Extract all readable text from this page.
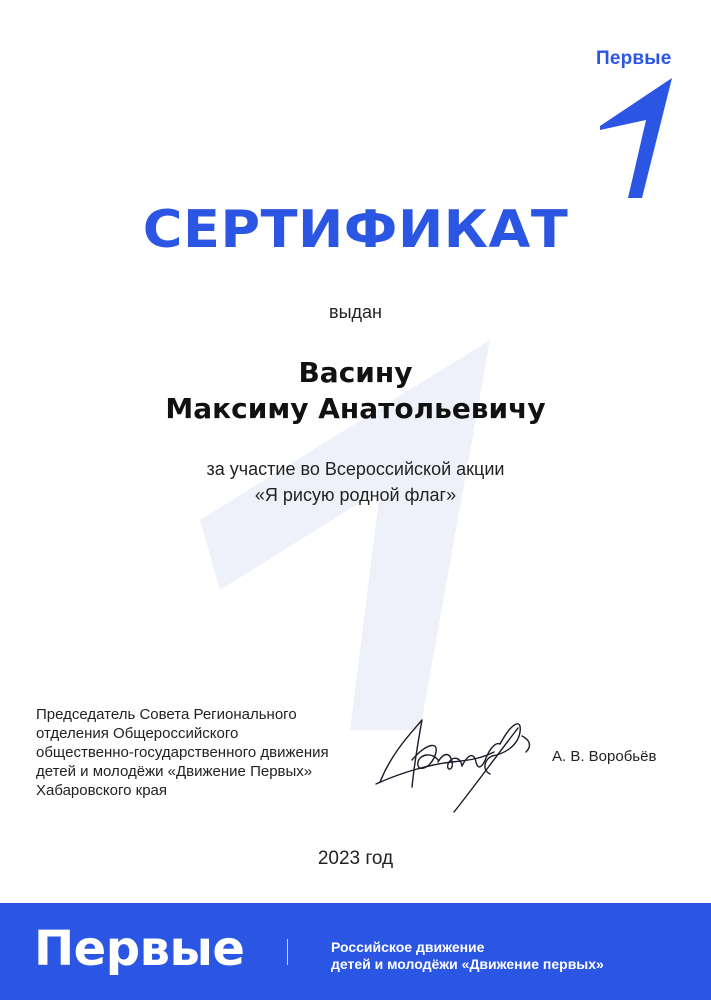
Первые
СЕРТИФИКАТ
выдан
Васину
Максиму Анатольевичу
за участие во Всероссийской акции
«Я рисую родной флаг»
Председатель Совета Регионального
отделения Общероссийского
общественно-государственного движения
детей и молодёжи «Движение Первых»
Хабаровского края
А. В. Воробьёв
2023 год
Первые	Российское движение
детей и молодёжи «Движение первых»
